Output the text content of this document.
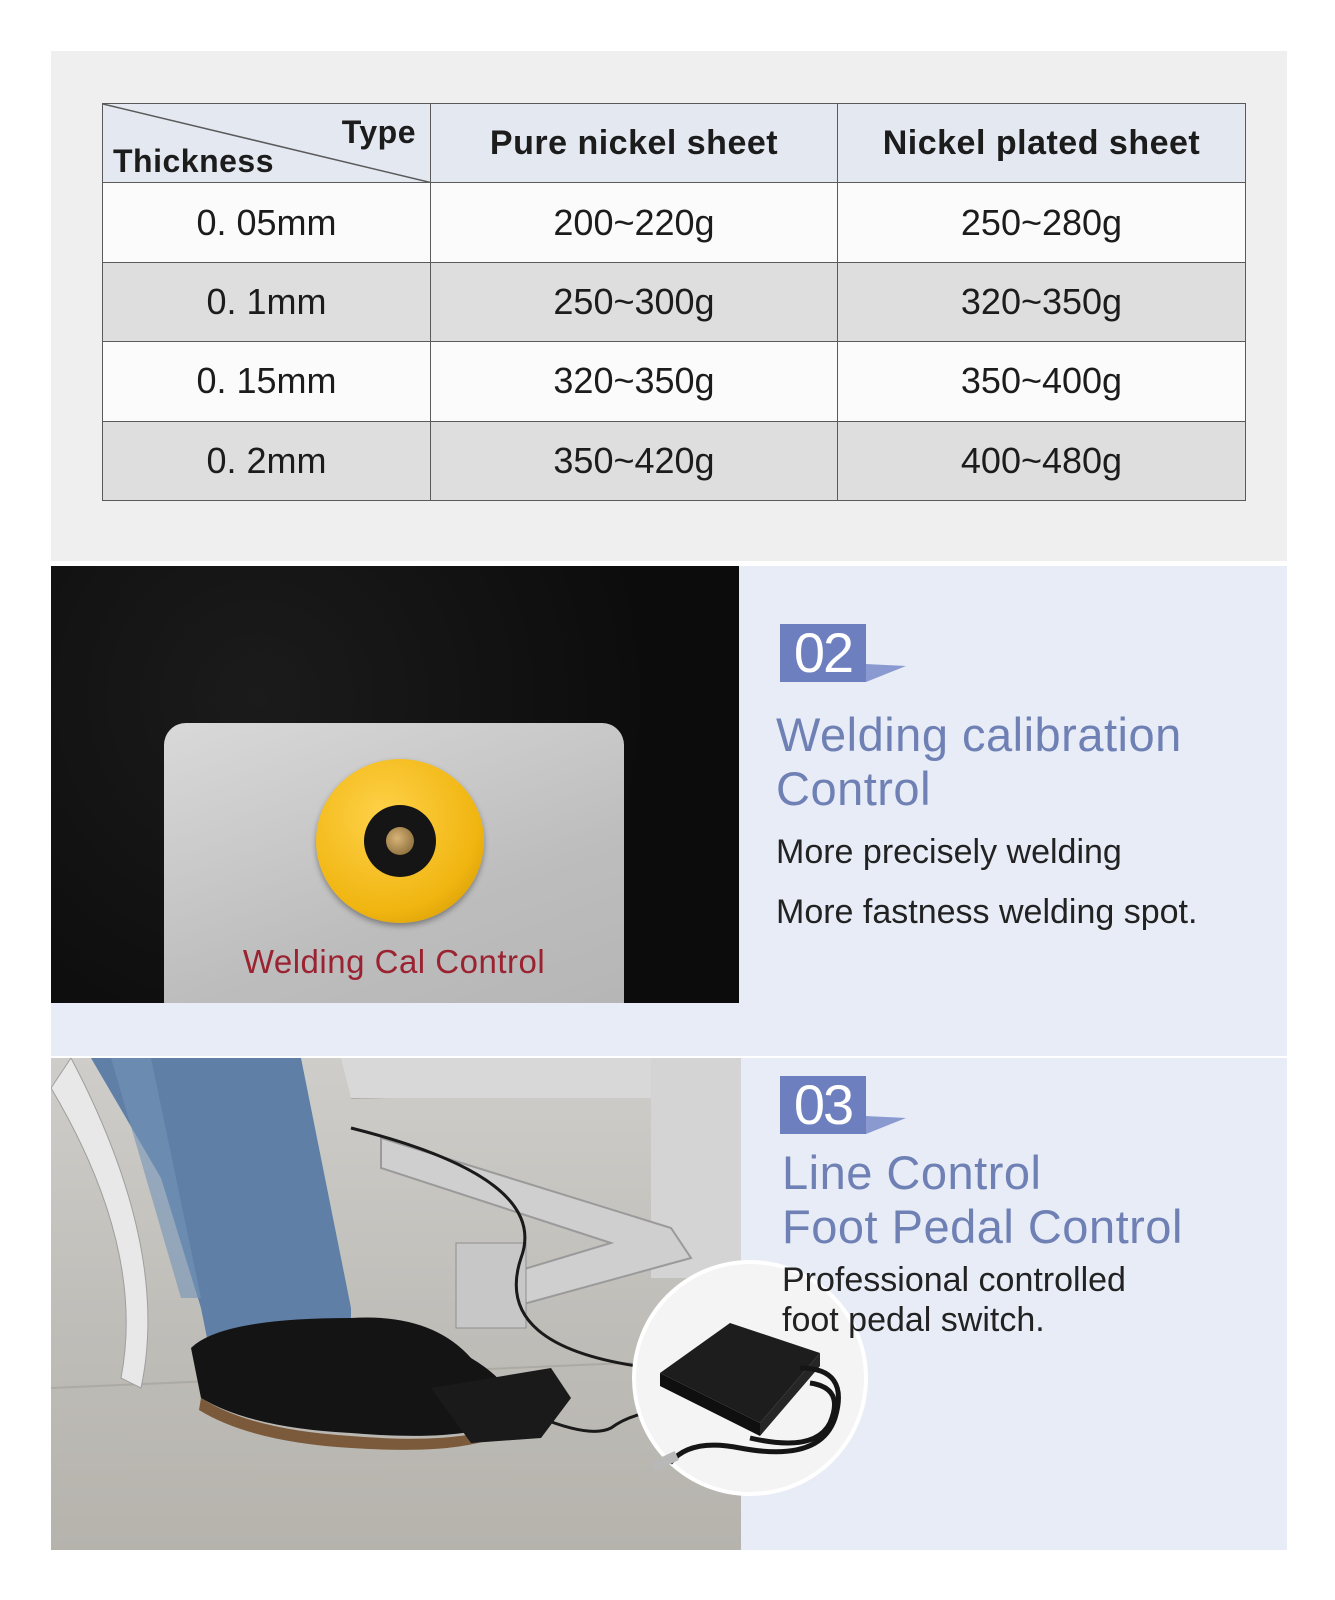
Type
Thickness	Pure nickel sheet	Nickel plated sheet
0. 05mm	200~220g	250~280g
0. 1mm	250~300g	320~350g
0. 15mm	320~350g	350~400g
0. 2mm	350~420g	400~480g
Welding Cal Control
02
Welding calibration
Control
More precisely welding
More fastness welding spot.
03
Line Control
Foot Pedal Control
Professional controlled
foot pedal switch.
